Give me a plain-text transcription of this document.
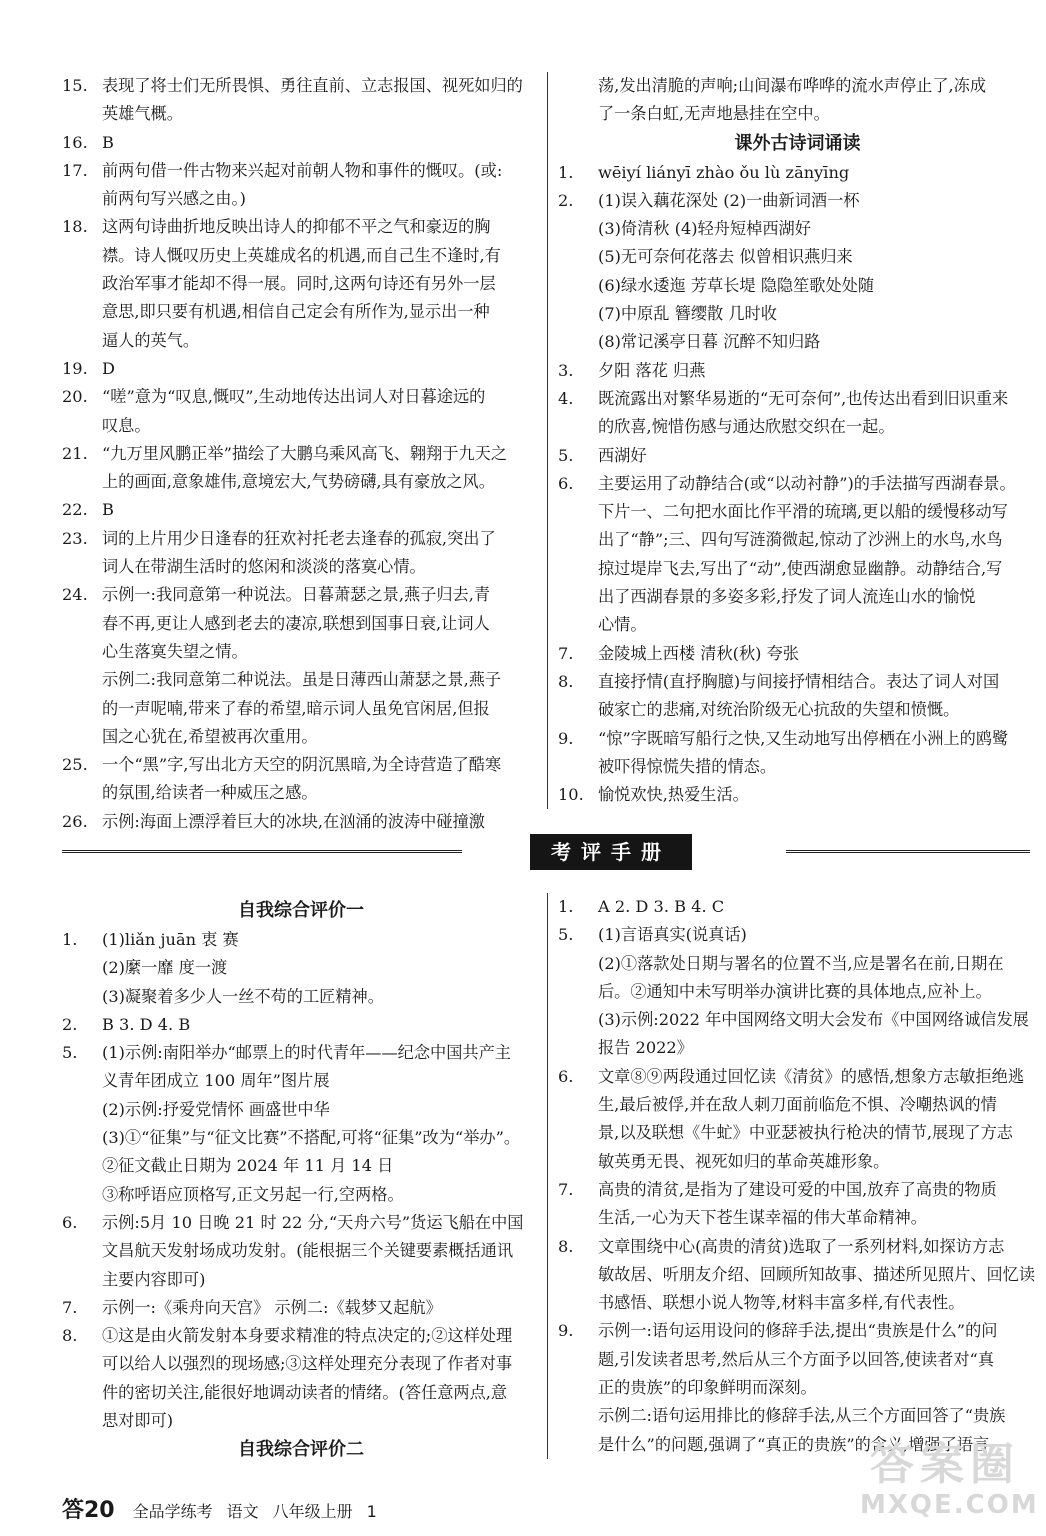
15. 表现了将士们无所畏惧、勇往直前、立志报国、视死如归的

英雄气概。

16. B

17. 前两句借一件古物来兴起对前朝人物和事件的慨叹。(或:

前两句写兴感之由。)

18. 这两句诗曲折地反映出诗人的抑郁不平之气和豪迈的胸

襟。诗人慨叹历史上英雄成名的机遇,而自己生不逢时,有

政治军事才能却不得一展。同时,这两句诗还有另外一层

意思,即只要有机遇,相信自己定会有所作为,显示出一种

逼人的英气。

19. D

20. “嗟”意为“叹息,慨叹”,生动地传达出词人对日暮途远的

叹息。

21. “九万里风鹏正举”描绘了大鹏乌乘风高飞、翱翔于九天之

上的画面,意象雄伟,意境宏大,气势磅礴,具有豪放之风。

22. B

23. 词的上片用少日逢春的狂欢衬托老去逢春的孤寂,突出了

词人在带湖生活时的悠闲和淡淡的落寞心情。

24. 示例一:我同意第一种说法。日暮萧瑟之景,燕子归去,青

春不再,更让人感到老去的凄凉,联想到国事日衰,让词人

心生落寞失望之情。

示例二:我同意第二种说法。虽是日薄西山萧瑟之景,燕子

的一声呢喃,带来了春的希望,暗示词人虽免官闲居,但报

国之心犹在,希望被再次重用。

25. 一个“黑”字,写出北方天空的阴沉黑暗,为全诗营造了酷寒

的氛围,给读者一种威压之感。

26. 示例:海面上漂浮着巨大的冰块,在汹涌的波涛中碰撞激

荡,发出清脆的声响;山间瀑布哗哗的流水声停止了,冻成

了一条白虹,无声地悬挂在空中。

课外古诗词诵读

1. wēiyí liányī zhào ǒu lù zānyīng

2. (1)误入藕花深处 (2)一曲新词酒一杯

(3)倚清秋 (4)轻舟短棹西湖好

(5)无可奈何花落去 似曾相识燕归来

(6)绿水逶迤 芳草长堤 隐隐笙歌处处随

(7)中原乱 簪缨散 几时收

(8)常记溪亭日暮 沉醉不知归路

3. 夕阳 落花 归燕

4. 既流露出对繁华易逝的“无可奈何”,也传达出看到旧识重来

的欣喜,惋惜伤感与通达欣慰交织在一起。

5. 西湖好

6. 主要运用了动静结合(或“以动衬静”)的手法描写西湖春景。

下片一、二句把水面比作平滑的琉璃,更以船的缓慢移动写

出了“静”;三、四句写涟漪微起,惊动了沙洲上的水鸟,水鸟

掠过堤岸飞去,写出了“动”,使西湖愈显幽静。动静结合,写

出了西湖春景的多姿多彩,抒发了词人流连山水的愉悦

心情。

7. 金陵城上西楼 清秋(秋) 夸张

8. 直接抒情(直抒胸臆)与间接抒情相结合。表达了词人对国

破家亡的悲痛,对统治阶级无心抗敌的失望和愤慨。

9. “惊”字既暗写船行之快,又生动地写出停栖在小洲上的鸥鹭

被吓得惊慌失措的情态。

10. 愉悦欢快,热爱生活。

考评手册

自我综合评价一

1. (1)liǎn juān 衷 赛

(2)縻一靡 度一渡

(3)凝聚着多少人一丝不苟的工匠精神。

2. B 3. D 4. B

5. (1)示例:南阳举办“邮票上的时代青年——纪念中国共产主

义青年团成立 100 周年”图片展

(2)示例:抒爱党情怀 画盛世中华

(3)①“征集”与“征文比赛”不搭配,可将“征集”改为“举办”。

②征文截止日期为 2024 年 11 月 14 日

③称呼语应顶格写,正文另起一行,空两格。

6. 示例:5月 10 日晚 21 时 22 分,“天舟六号”货运飞船在中国

文昌航天发射场成功发射。(能根据三个关键要素概括通讯

主要内容即可)

7. 示例一:《乘舟向天宫》 示例二:《载梦又起航》

8. ①这是由火箭发射本身要求精准的特点决定的;②这样处理

可以给人以强烈的现场感;③这样处理充分表现了作者对事

件的密切关注,能很好地调动读者的情绪。(答任意两点,意

思对即可)

自我综合评价二

1. A 2. D 3. B 4. C

5. (1)言语真实(说真话)

(2)①落款处日期与署名的位置不当,应是署名在前,日期在

后。②通知中未写明举办演讲比赛的具体地点,应补上。

(3)示例:2022 年中国网络文明大会发布《中国网络诚信发展

报告 2022》

6. 文章⑧⑨两段通过回忆读《清贫》的感悟,想象方志敏拒绝逃

生,最后被俘,并在敌人刺刀面前临危不惧、冷嘲热讽的情

景,以及联想《牛虻》中亚瑟被执行枪决的情节,展现了方志

敏英勇无畏、视死如归的革命英雄形象。

7. 高贵的清贫,是指为了建设可爱的中国,放弃了高贵的物质

生活,一心为天下苍生谋幸福的伟大革命精神。

8. 文章围绕中心(高贵的清贫)选取了一系列材料,如探访方志

敏故居、听朋友介绍、回顾所知故事、描述所见照片、回忆读

书感悟、联想小说人物等,材料丰富多样,有代表性。

9. 示例一:语句运用设问的修辞手法,提出“贵族是什么”的问

题,引发读者思考,然后从三个方面予以回答,使读者对“真

正的贵族”的印象鲜明而深刻。

示例二:语句运用排比的修辞手法,从三个方面回答了“贵族

是什么”的问题,强调了“真正的贵族”的含义,增强了语言

答20 全品学练考 语文 八年级上册 1
答案圈
MXQE.COM
